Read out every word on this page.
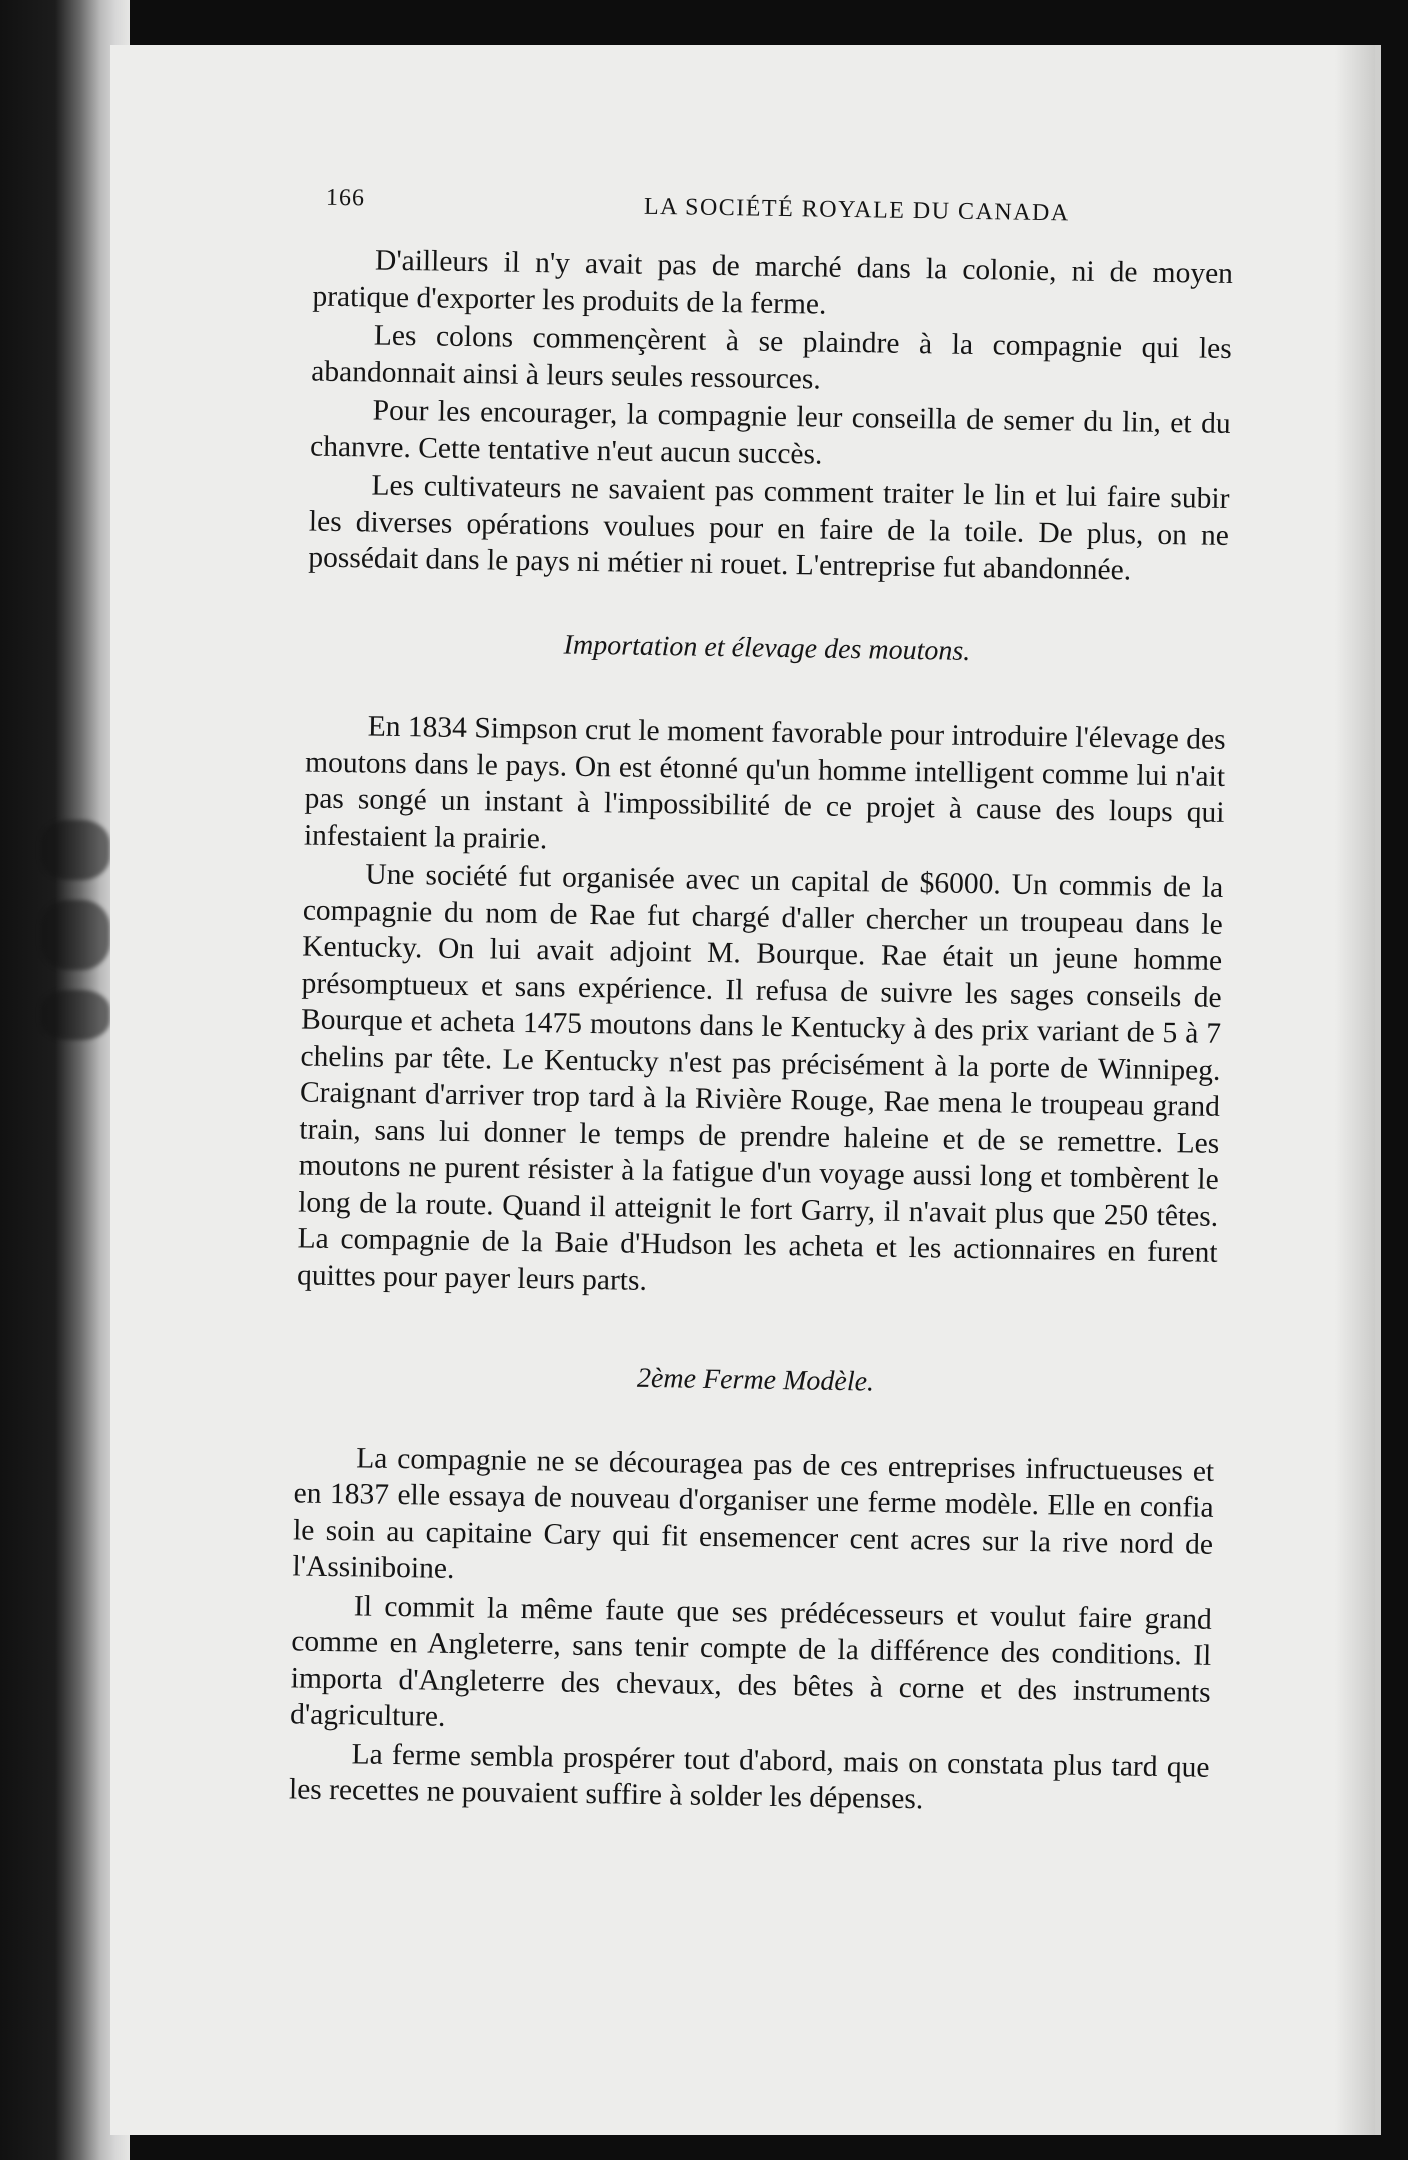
166	LA SOCIÉTÉ ROYALE DU CANADA

D'ailleurs il n'y avait pas de marché dans la colonie, ni de moyen pratique d'exporter les produits de la ferme.

Les colons commençèrent à se plaindre à la compagnie qui les abandonnait ainsi à leurs seules ressources.

Pour les encourager, la compagnie leur conseilla de semer du lin, et du chanvre. Cette tentative n'eut aucun succès.

Les cultivateurs ne savaient pas comment traiter le lin et lui faire subir les diverses opérations voulues pour en faire de la toile. De plus, on ne possédait dans le pays ni métier ni rouet. L'entreprise fut abandonnée.

Importation et élevage des moutons.

En 1834 Simpson crut le moment favorable pour introduire l'élevage des moutons dans le pays. On est étonné qu'un homme intelligent comme lui n'ait pas songé un instant à l'impossibilité de ce projet à cause des loups qui infestaient la prairie.

Une société fut organisée avec un capital de $6000. Un commis de la compagnie du nom de Rae fut chargé d'aller chercher un troupeau dans le Kentucky. On lui avait adjoint M. Bourque. Rae était un jeune homme présomptueux et sans expérience. Il refusa de suivre les sages conseils de Bourque et acheta 1475 moutons dans le Kentucky à des prix variant de 5 à 7 chelins par tête. Le Kentucky n'est pas précisément à la porte de Winnipeg. Craignant d'arriver trop tard à la Rivière Rouge, Rae mena le troupeau grand train, sans lui donner le temps de prendre haleine et de se remettre. Les moutons ne purent résister à la fatigue d'un voyage aussi long et tombèrent le long de la route. Quand il atteignit le fort Garry, il n'avait plus que 250 têtes. La compagnie de la Baie d'Hudson les acheta et les actionnaires en furent quittes pour payer leurs parts.

2ème Ferme Modèle.

La compagnie ne se découragea pas de ces entreprises infructueuses et en 1837 elle essaya de nouveau d'organiser une ferme modèle. Elle en confia le soin au capitaine Cary qui fit ensemencer cent acres sur la rive nord de l'Assiniboine.

Il commit la même faute que ses prédécesseurs et voulut faire grand comme en Angleterre, sans tenir compte de la différence des conditions. Il importa d'Angleterre des chevaux, des bêtes à corne et des instruments d'agriculture.

La ferme sembla prospérer tout d'abord, mais on constata plus tard que les recettes ne pouvaient suffire à solder les dépenses.
